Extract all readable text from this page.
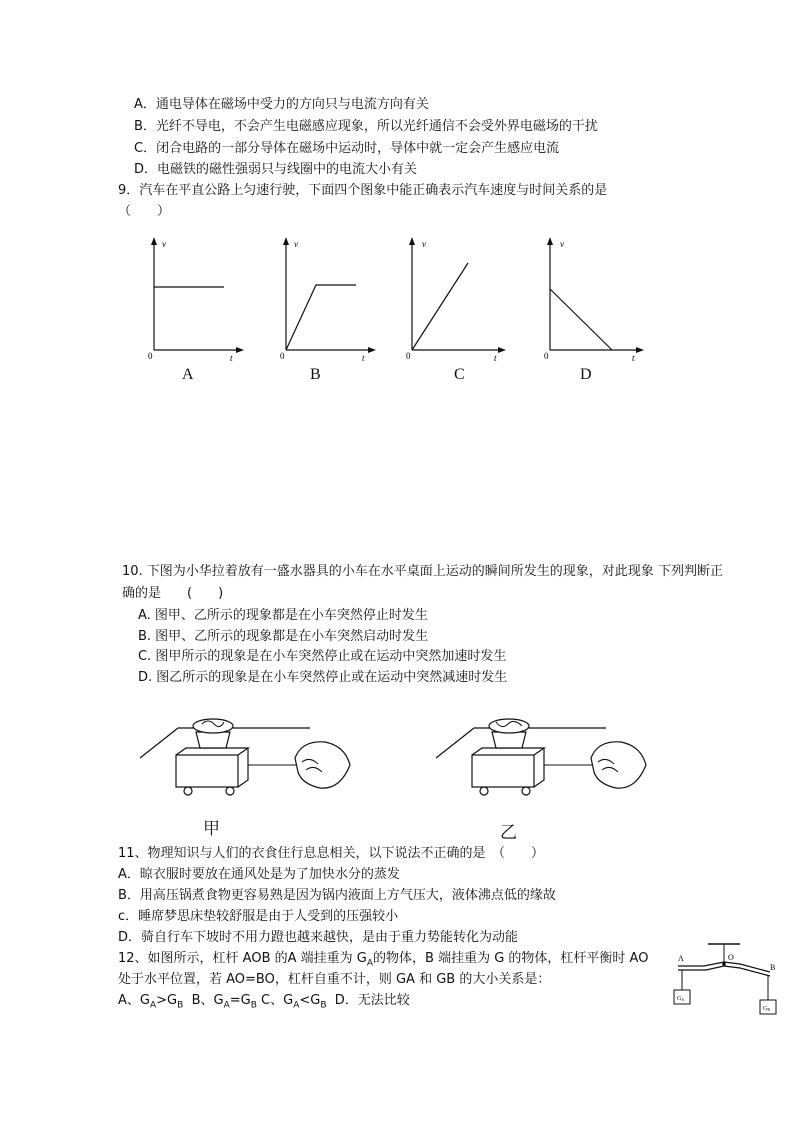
A．通电导体在磁场中受力的方向只与电流方向有关
B．光纤不导电，不会产生电磁感应现象，所以光纤通信不会受外界电磁场的干扰
C．闭合电路的一部分导体在磁场中运动时，导体中就一定会产生感应电流
D．电磁铁的磁性强弱只与线圈中的电流大小有关
9．汽车在平直公路上匀速行驶，下面四个图象中能正确表示汽车速度与时间关系的是
（　　）
v
t
0
A
v
t
0
B
v
t
0
C
v
t
0
D
10. 下图为小华拉着放有一盛水器具的小车在水平桌面上运动的瞬间所发生的现象，对此现象 下列判断正
确的是　　(　　)
A. 图甲、乙所示的现象都是在小车突然停止时发生
B. 图甲、乙所示的现象都是在小车突然启动时发生
C. 图甲所示的现象是在小车突然停止或在运动中突然加速时发生
D. 图乙所示的现象是在小车突然停止或在运动中突然减速时发生
甲	乙
11、物理知识与人们的衣食住行息息相关，以下说法不正确的是　（　　）
A．晾衣服时要放在通风处是为了加快水分的蒸发
B．用高压锅煮食物更容易熟是因为锅内液面上方气压大，液体沸点低的缘故
c．睡席梦思床垫较舒服是由于人受到的压强较小
D．骑自行车下坡时不用力蹬也越来越快，是由于重力势能转化为动能
12、如图所示，杠杆 AOB 的A 端挂重为 $G_A$的物体，B 端挂重为 G 的物体，杠杆平衡时 AO
处于水平位置，若 AO=BO，杠杆自重不计，则 GA 和 GB 的大小关系是：
A、$G_A>G_B$ B、$G_A=G_B$ C、$G_A<G_B$ D．无法比较
A	O
B
GA
GB
